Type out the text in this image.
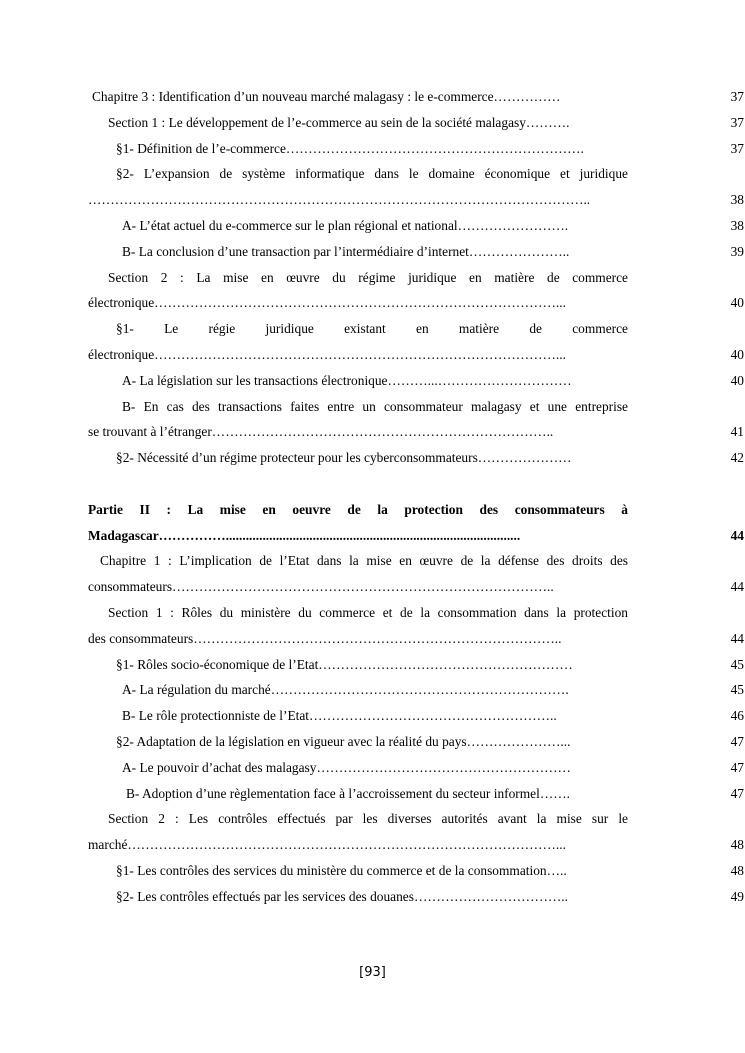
Chapitre 3 : Identification d’un nouveau marché malagasy : le e-commerce……………	37
Section 1 : Le développement de l’e-commerce au sein de la société malagasy……….	37
§1- Définition de l’e-commerce………………………………………………………….	37
§2- L’expansion de système informatique dans le domaine économique et juridique
…………………………………………………………………………………………………..	38
A- L’état actuel du e-commerce sur le plan régional et national…………………….	38
B- La conclusion d’une transaction par l’intermédiaire d’internet…………………..	39
Section 2 : La mise en œuvre du régime juridique en matière de commerce
électronique………………………………………………………………………………...	40
§1- Le régie juridique existant en matière de commerce
électronique………………………………………………………………………………...	40
A- La législation sur les transactions électronique………...…………………………	40
B- En cas des transactions faites entre un consommateur malagasy et une entreprise
se trouvant à l’étranger…………………………………………………………………..	41
§2- Nécessité d’un régime protecteur pour les cyberconsommateurs…………………	42
Partie II : La mise en oeuvre de la protection des consommateurs à
Madagascar……………........................................................................................	44
Chapitre 1 : L’implication de l’Etat dans la mise en œuvre de la défense des droits des
consommateurs…………………………………………………………………………..	44
Section 1 : Rôles du ministère du commerce et de la consommation dans la protection
des consommateurs………………………………………………………………………..	44
§1- Rôles socio-économique de l’Etat…………………………………………………	45
A- La régulation du marché………………………………………………………….	45
B- Le rôle protectionniste de l’Etat………………………………………………..	46
§2- Adaptation de la législation en vigueur avec la réalité du pays…………………...	47
A- Le pouvoir d’achat des malagasy…………………………………………………	47
B- Adoption d’une règlementation face à l’accroissement du secteur informel…….	47
Section 2 : Les contrôles effectués par les diverses autorités avant la mise sur le
marché……………………………………………………………………………………...	48
§1- Les contrôles des services du ministère du commerce et de la consommation…..	48
§2- Les contrôles effectués par les services des douanes……………………………..	49
[93]
